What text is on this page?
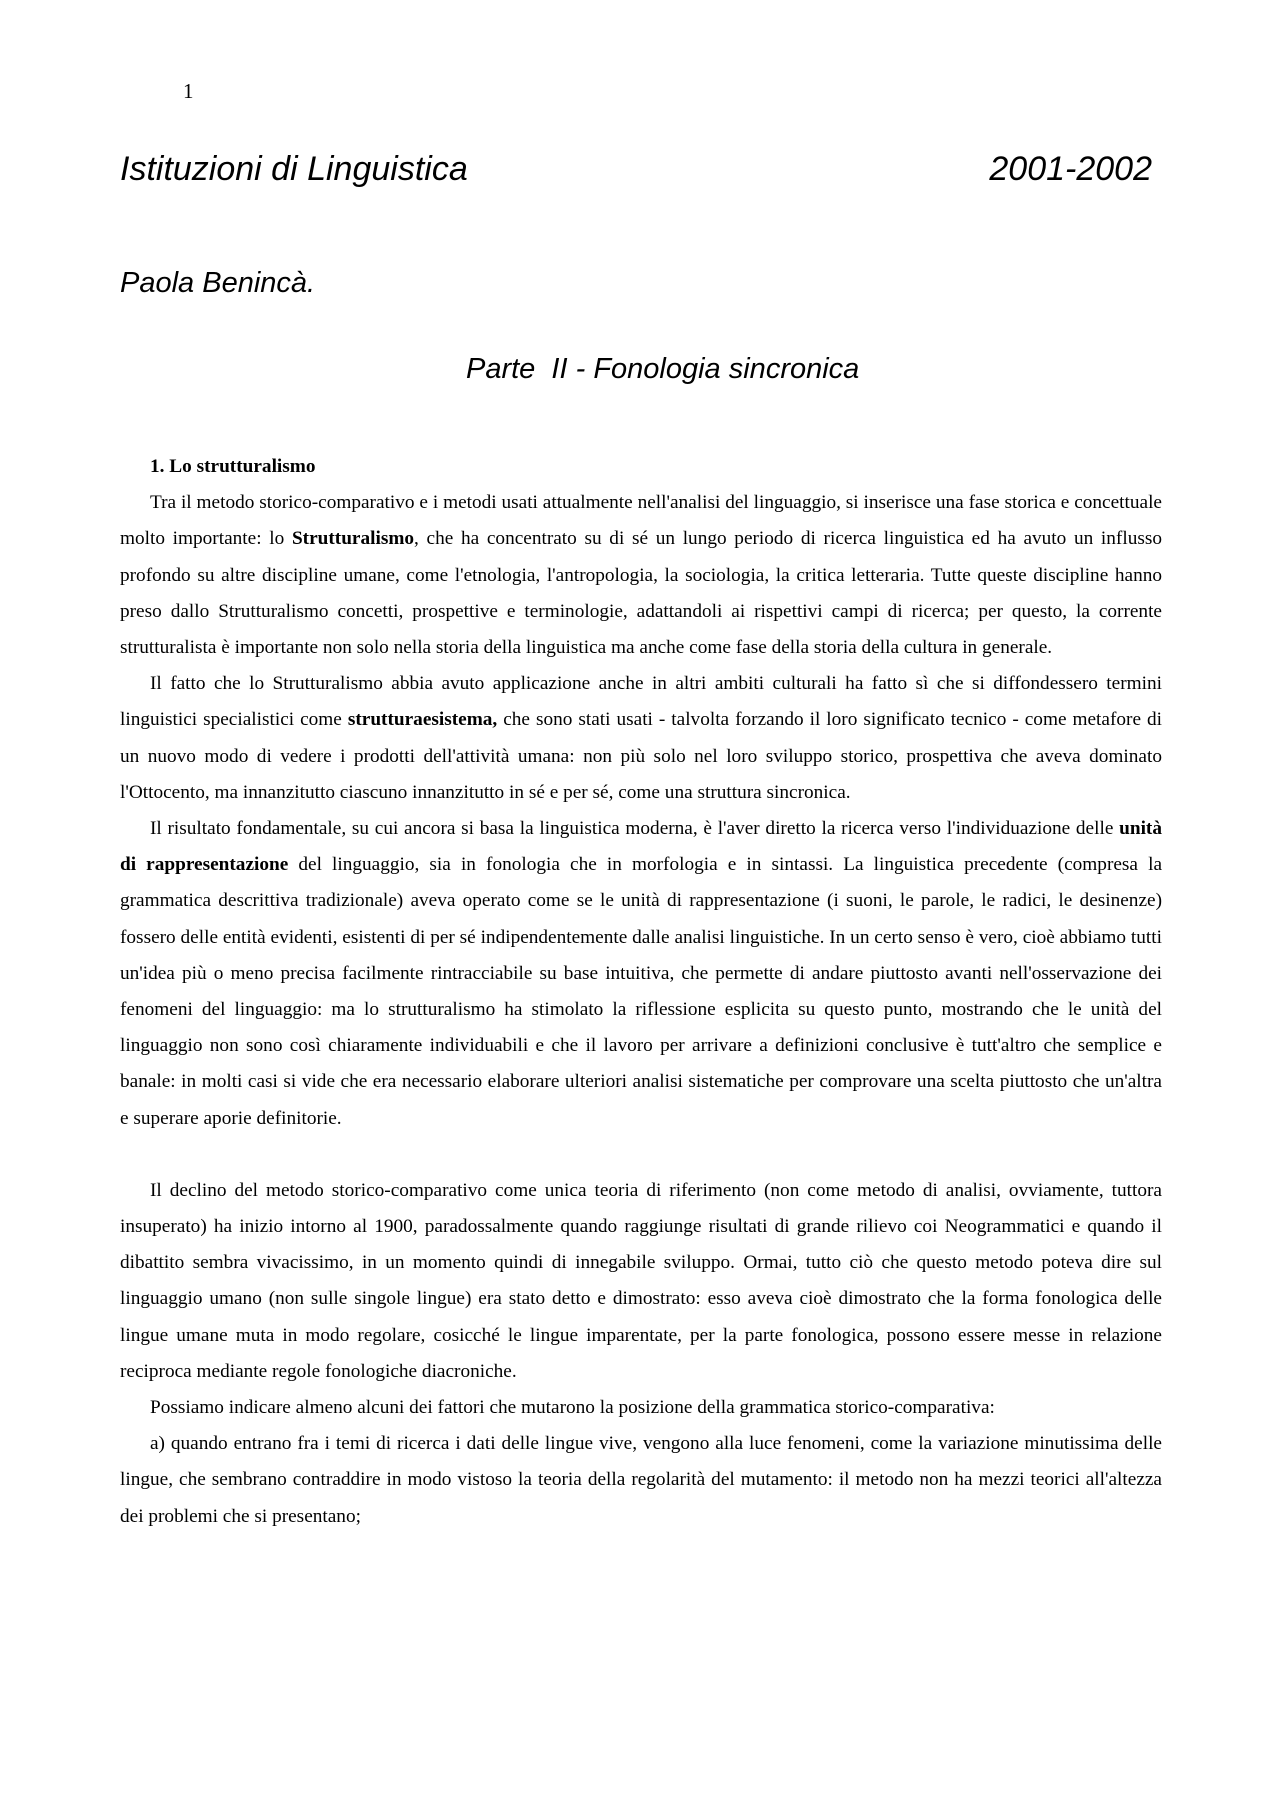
1
Istituzioni di Linguistica	2001-2002
Paola Benincà.
Parte  II - Fonologia sincronica

1. Lo strutturalismo

Tra il metodo storico-comparativo e i metodi usati attualmente nell'analisi del linguaggio, si inserisce una fase storica e concettuale molto importante: lo Strutturalismo, che ha concentrato su di sé un lungo periodo di ricerca linguistica ed ha avuto un influsso profondo su altre discipline umane, come l'etnologia, l'antropologia, la sociologia, la critica letteraria. Tutte queste discipline hanno preso dallo Strutturalismo concetti, prospettive e terminologie, adattandoli ai rispettivi campi di ricerca; per questo, la corrente strutturalista è importante non solo nella storia della linguistica ma anche come fase della storia della cultura in generale.

Il fatto che lo Strutturalismo abbia avuto applicazione anche in altri ambiti culturali ha fatto sì che si diffondessero termini linguistici specialistici come strutturaesistema, che sono stati usati - talvolta forzando il loro significato tecnico - come metafore di un nuovo modo di vedere i prodotti dell'attività umana: non più solo nel loro sviluppo storico, prospettiva che aveva dominato l'Ottocento, ma innanzitutto ciascuno innanzitutto in sé e per sé, come una struttura sincronica.

Il risultato fondamentale, su cui ancora si basa la linguistica moderna, è l'aver diretto la ricerca verso l'individuazione delle unità di rappresentazione del linguaggio, sia in fonologia che in morfologia e in sintassi. La linguistica precedente (compresa la grammatica descrittiva tradizionale) aveva operato come se le unità di rappresentazione (i suoni, le parole, le radici, le desinenze) fossero delle entità evidenti, esistenti di per sé indipendentemente dalle analisi linguistiche. In un certo senso è vero, cioè abbiamo tutti un'idea più o meno precisa facilmente rintracciabile su base intuitiva, che permette di andare piuttosto avanti nell'osservazione dei fenomeni del linguaggio: ma lo strutturalismo ha stimolato la riflessione esplicita su questo punto, mostrando che le unità del linguaggio non sono così chiaramente individuabili e che il lavoro per arrivare a definizioni conclusive è tutt'altro che semplice e banale: in molti casi si vide che era necessario elaborare ulteriori analisi sistematiche per comprovare una scelta piuttosto che un'altra e superare aporie definitorie.

Il declino del metodo storico-comparativo come unica teoria di riferimento (non come metodo di analisi, ovviamente, tuttora insuperato) ha inizio intorno al 1900, paradossalmente quando raggiunge risultati di grande rilievo coi Neogrammatici e quando il dibattito sembra vivacissimo, in un momento quindi di innegabile sviluppo. Ormai, tutto ciò che questo metodo poteva dire sul linguaggio umano (non sulle singole lingue) era stato detto e dimostrato: esso aveva cioè dimostrato che la forma fonologica delle lingue umane muta in modo regolare, cosicché le lingue imparentate, per la parte fonologica, possono essere messe in relazione reciproca mediante regole fonologiche diacroniche.

Possiamo indicare almeno alcuni dei fattori che mutarono la posizione della grammatica storico-comparativa:

a) quando entrano fra i temi di ricerca i dati delle lingue vive, vengono alla luce fenomeni, come la variazione minutissima delle lingue, che sembrano contraddire in modo vistoso la teoria della regolarità del mutamento: il metodo non ha mezzi teorici all'altezza dei problemi che si presentano;
